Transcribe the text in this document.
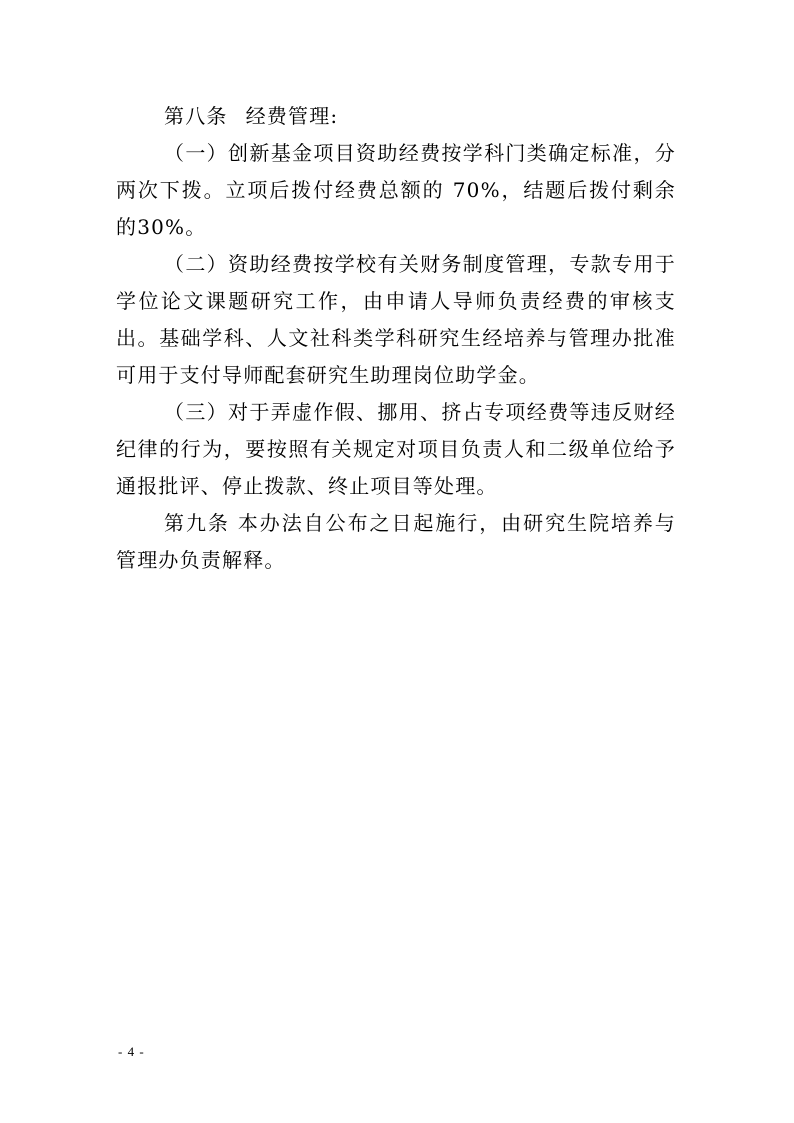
第八条 经费管理:

（一）创新基金项目资助经费按学科门类确定标准，分两次下拨。立项后拨付经费总额的 70%，结题后拨付剩余的30%。

（二）资助经费按学校有关财务制度管理，专款专用于学位论文课题研究工作，由申请人导师负责经费的审核支出。基础学科、人文社科类学科研究生经培养与管理办批准可用于支付导师配套研究生助理岗位助学金。

（三）对于弄虚作假、挪用、挤占专项经费等违反财经纪律的行为，要按照有关规定对项目负责人和二级单位给予通报批评、停止拨款、终止项目等处理。

第九条 本办法自公布之日起施行，由研究生院培养与管理办负责解释。

- 4 -
